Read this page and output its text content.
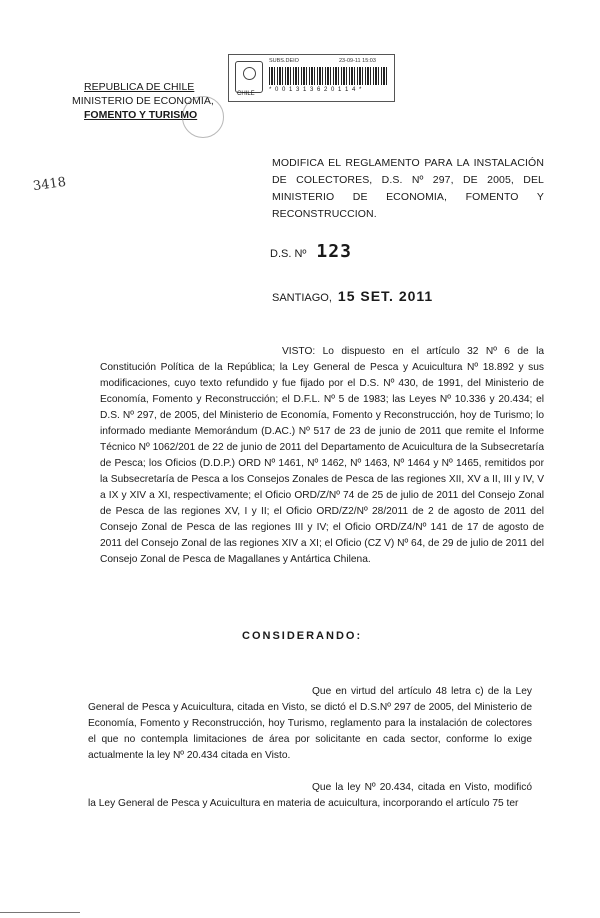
CHILE
SUBS.DEIO	23-09-11 15:03
* 0 0 1 3 1 3 6 2 0 1 1 4 *
REPUBLICA DE CHILE
MINISTERIO DE ECONOMIA,
FOMENTO Y TURISMO
3418
MODIFICA EL REGLAMENTO PARA LA INSTALACIÓN DE COLECTORES, D.S. Nº 297, DE 2005, DEL MINISTERIO DE ECONOMIA, FOMENTO Y RECONSTRUCCION.
D.S. Nº 123
SANTIAGO, 15 SET. 2011
VISTO: Lo dispuesto en el artículo 32 Nº 6 de la Constitución Política de la República; la Ley General de Pesca y Acuicultura Nº 18.892 y sus modificaciones, cuyo texto refundido y fue fijado por el D.S. Nº 430, de 1991, del Ministerio de Economía, Fomento y Reconstrucción; el D.F.L. Nº 5 de 1983; las Leyes Nº 10.336 y 20.434; el D.S. Nº 297, de 2005, del Ministerio de Economía, Fomento y Reconstrucción, hoy de Turismo; lo informado mediante Memorándum (D.AC.) Nº 517 de 23 de junio de 2011 que remite el Informe Técnico Nº 1062/201 de 22 de junio de 2011 del Departamento de Acuicultura de la Subsecretaría de Pesca; los Oficios (D.D.P.) ORD Nº 1461, Nº 1462, Nº 1463, Nº 1464 y Nº 1465, remitidos por la Subsecretaría de Pesca a los Consejos Zonales de Pesca de las regiones XII, XV a II, III y IV, V a IX y XIV a XI, respectivamente; el Oficio ORD/Z/Nº 74 de 25 de julio de 2011 del Consejo Zonal de Pesca de las regiones XV, I y II; el Oficio ORD/Z2/Nº 28/2011 de 2 de agosto de 2011 del Consejo Zonal de Pesca de las regiones III y IV; el Oficio ORD/Z4/Nº 141 de 17 de agosto de 2011 del Consejo Zonal de las regiones XIV a XI; el Oficio (CZ V) Nº 64, de 29 de julio de 2011 del Consejo Zonal de Pesca de Magallanes y Antártica Chilena.
CONSIDERANDO:
Que en virtud del artículo 48 letra c) de la Ley General de Pesca y Acuicultura, citada en Visto, se dictó el D.S.Nº 297 de 2005, del Ministerio de Economía, Fomento y Reconstrucción, hoy Turismo, reglamento para la instalación de colectores el que no contempla limitaciones de área por solicitante en cada sector, conforme lo exige actualmente la ley Nº 20.434 citada en Visto.
Que la ley Nº 20.434, citada en Visto, modificó la Ley General de Pesca y Acuicultura en materia de acuicultura, incorporando el artículo 75 ter
